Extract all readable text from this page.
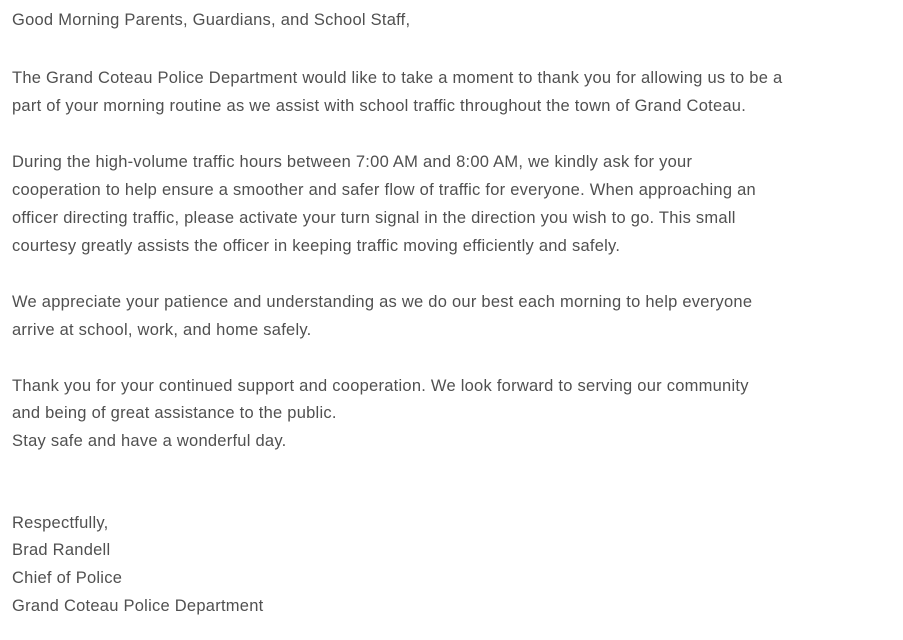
Good Morning Parents, Guardians, and School Staff,
The Grand Coteau Police Department would like to take a moment to thank you for allowing us to be a
part of your morning routine as we assist with school traffic throughout the town of Grand Coteau.
During the high-volume traffic hours between 7:00 AM and 8:00 AM, we kindly ask for your
cooperation to help ensure a smoother and safer flow of traffic for everyone. When approaching an
officer directing traffic, please activate your turn signal in the direction you wish to go. This small
courtesy greatly assists the officer in keeping traffic moving efficiently and safely.
We appreciate your patience and understanding as we do our best each morning to help everyone
arrive at school, work, and home safely.
Thank you for your continued support and cooperation. We look forward to serving our community
and being of great assistance to the public.
Stay safe and have a wonderful day.
Respectfully,
Brad Randell
Chief of Police
Grand Coteau Police Department
